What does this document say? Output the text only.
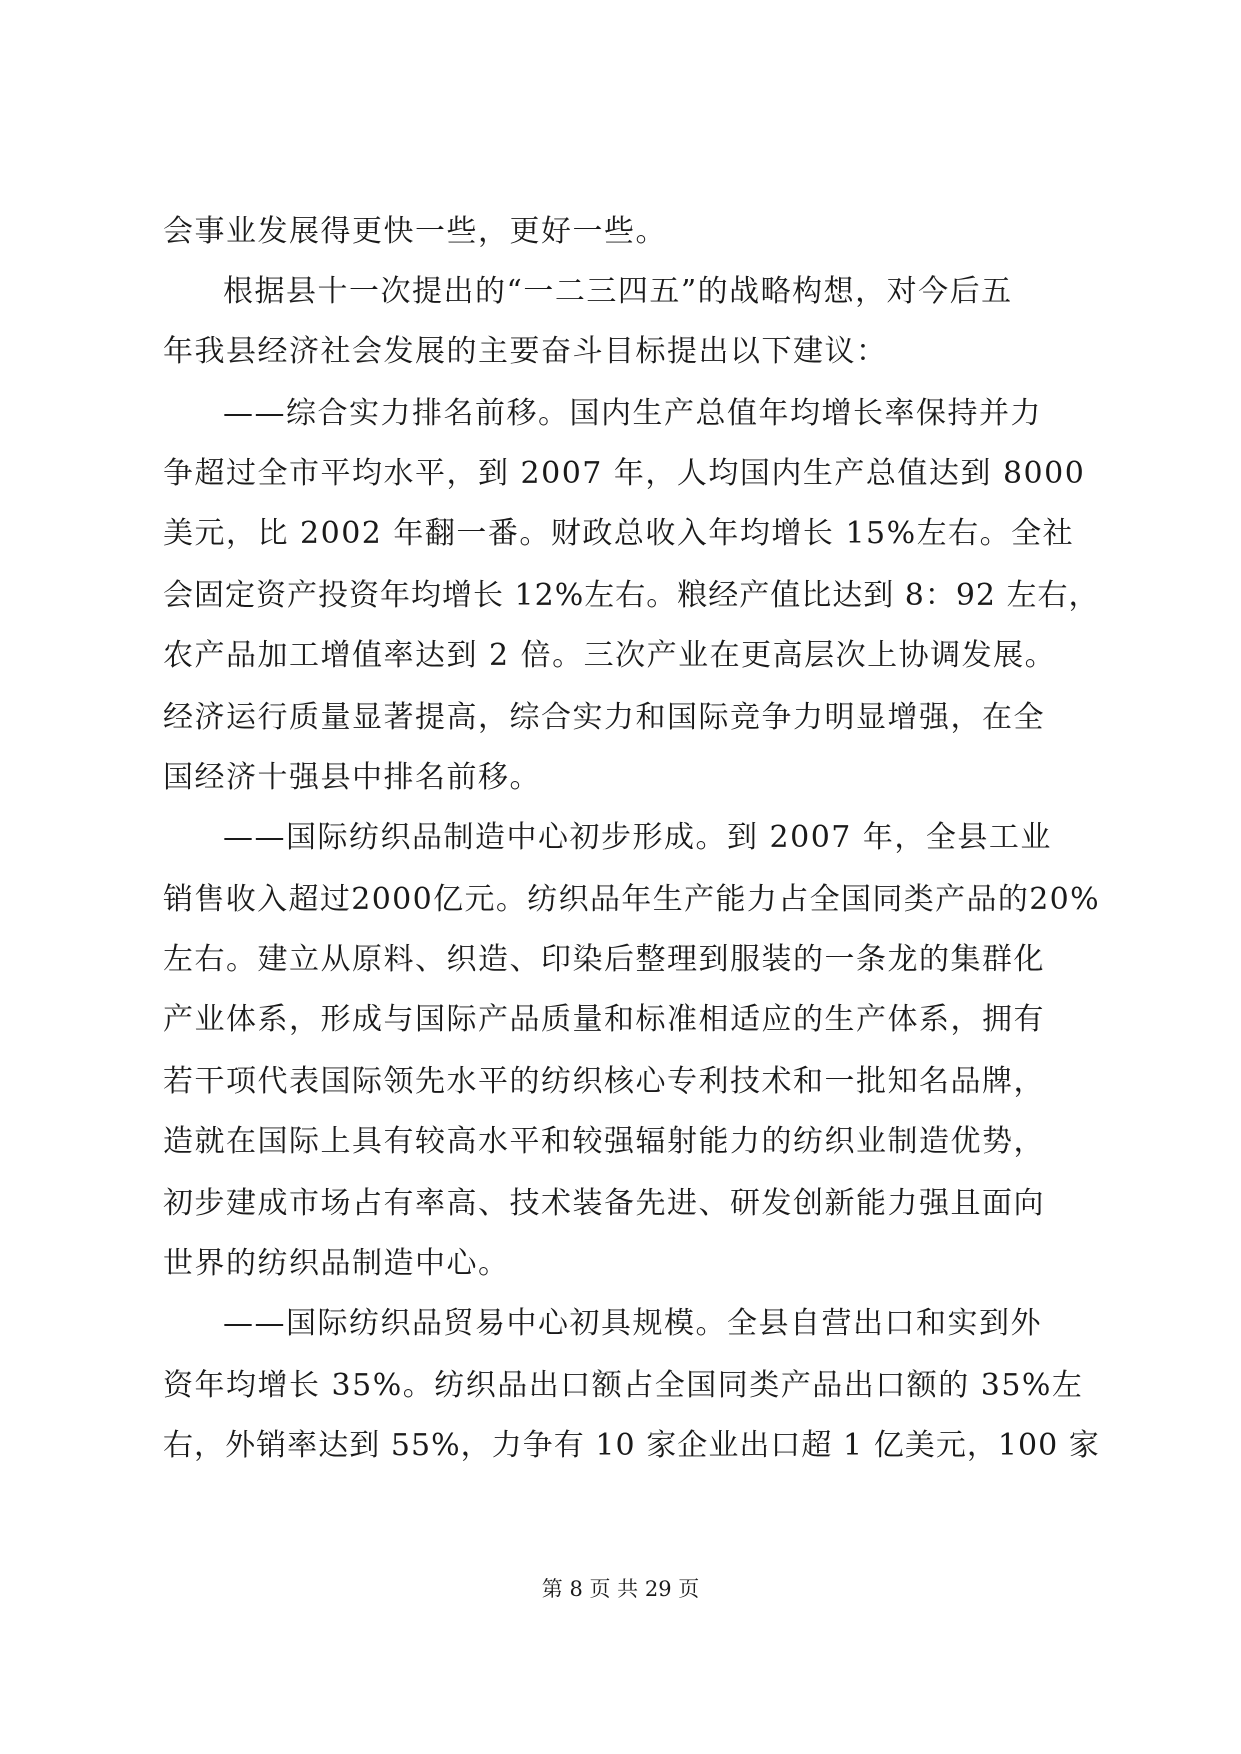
会事业发展得更快一些，更好一些。
根据县十一次提出的“一二三四五”的战略构想，对今后五
年我县经济社会发展的主要奋斗目标提出以下建议：
——综合实力排名前移。国内生产总值年均增长率保持并力
争超过全市平均水平，到 2007 年，人均国内生产总值达到 8000
美元，比 2002 年翻一番。财政总收入年均增长 15%左右。全社
会固定资产投资年均增长 12%左右。粮经产值比达到 8：92 左右，
农产品加工增值率达到 2 倍。三次产业在更高层次上协调发展。
经济运行质量显著提高，综合实力和国际竞争力明显增强，在全
国经济十强县中排名前移。
——国际纺织品制造中心初步形成。到 2007 年，全县工业
销售收入超过2000亿元。纺织品年生产能力占全国同类产品的20%
左右。建立从原料、织造、印染后整理到服装的一条龙的集群化
产业体系，形成与国际产品质量和标准相适应的生产体系，拥有
若干项代表国际领先水平的纺织核心专利技术和一批知名品牌，
造就在国际上具有较高水平和较强辐射能力的纺织业制造优势，
初步建成市场占有率高、技术装备先进、研发创新能力强且面向
世界的纺织品制造中心。
——国际纺织品贸易中心初具规模。全县自营出口和实到外
资年均增长 35%。纺织品出口额占全国同类产品出口额的 35%左
右，外销率达到 55%，力争有 10 家企业出口超 1 亿美元，100 家
第 8 页 共 29 页
